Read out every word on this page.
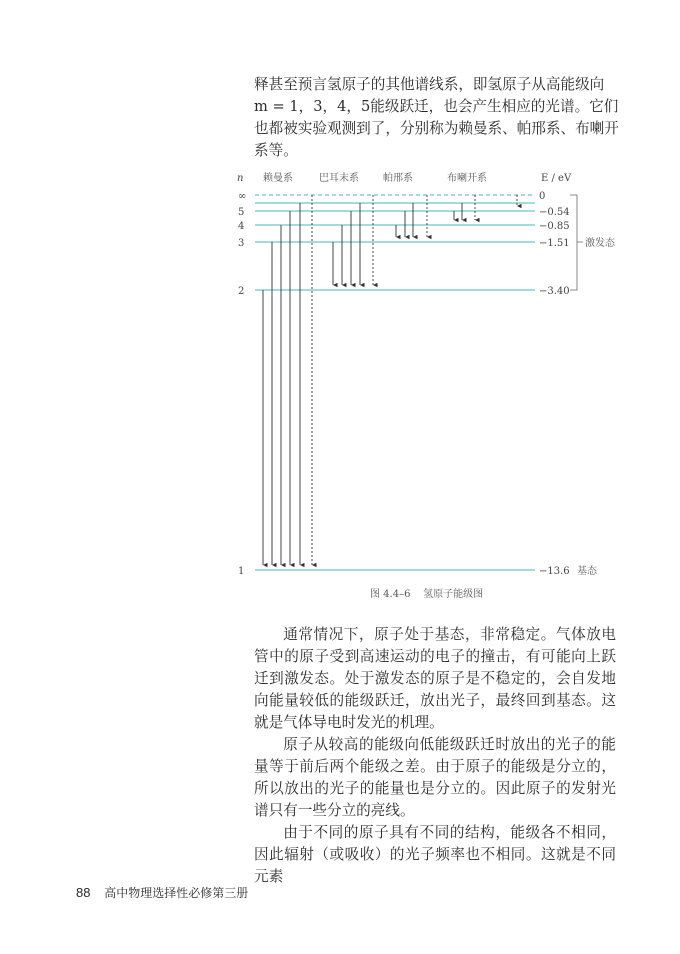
释甚至预言氢原子的其他谱线系，即氢原子从高能级向

m = 1，3，4，5能级跃迁，也会产生相应的光谱。它们

也都被实验观测到了，分别称为赖曼系、帕邢系、布喇开

系等。

n	E / eV
赖曼系	巴耳末系 帕邢系	布喇开系
∞	0
5	−0.54
4	−0.85
3	−1.51
2	−3.40
1	−13.6
激发态
基态
图 4.4–6    氢原子能级图

通常情况下，原子处于基态，非常稳定。气体放电管中的原子受到高速运动的电子的撞击，有可能向上跃迁到激发态。处于激发态的原子是不稳定的，会自发地向能量较低的能级跃迁，放出光子，最终回到基态。这就是气体导电时发光的机理。

原子从较高的能级向低能级跃迁时放出的光子的能量等于前后两个能级之差。由于原子的能级是分立的，所以放出的光子的能量也是分立的。因此原子的发射光谱只有一些分立的亮线。

由于不同的原子具有不同的结构，能级各不相同，因此辐射（或吸收）的光子频率也不相同。这就是不同元素

88 高中物理选择性必修第三册
